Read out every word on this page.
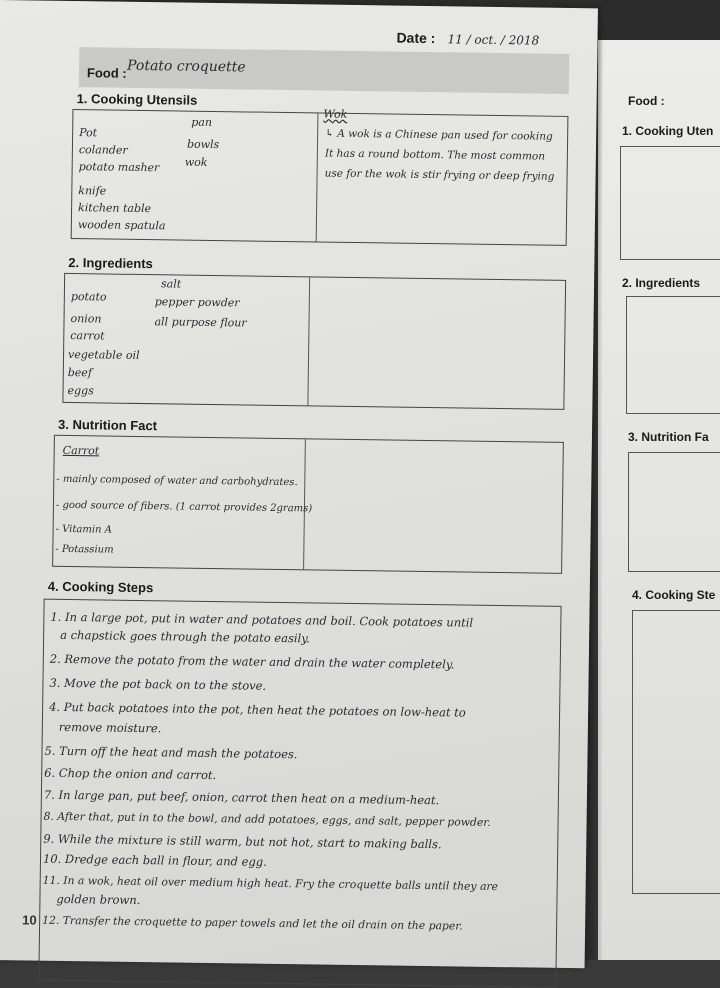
Food :
1. Cooking Uten
2. Ingredients
3. Nutrition Fa
4. Cooking Ste
Date : 11 / oct. / 2018
Food : Potato croquette
1. Cooking Utensils
Pot
colander
potato masher
knife
kitchen table
wooden spatula
pan
bowls
wok
Wok
↳ A wok is a Chinese pan used for cooking
It has a round bottom. The most common
use for the wok is stir frying or deep frying
2. Ingredients
potato
onion
carrot
vegetable oil
beef
eggs
salt
pepper powder
all purpose flour
3. Nutrition Fact
Carrot
- mainly composed of water and carbohydrates.
- good source of fibers. (1 carrot provides 2grams)
- Vitamin A
- Potassium
4. Cooking Steps
1. In a large pot, put in water and potatoes and boil. Cook potatoes until
a chapstick goes through the potato easily.
2. Remove the potato from the water and drain the water completely.
3. Move the pot back on to the stove.
4. Put back potatoes into the pot, then heat the potatoes on low-heat to
remove moisture.
5. Turn off the heat and mash the potatoes.
6. Chop the onion and carrot.
7. In large pan, put beef, onion, carrot then heat on a medium-heat.
8. After that, put in to the bowl, and add potatoes, eggs, and salt, pepper powder.
9. While the mixture is still warm, but not hot, start to making balls.
10. Dredge each ball in flour, and egg.
11. In a wok, heat oil over medium high heat. Fry the croquette balls until they are
golden brown.
12. Transfer the croquette to paper towels and let the oil drain on the paper.
10
